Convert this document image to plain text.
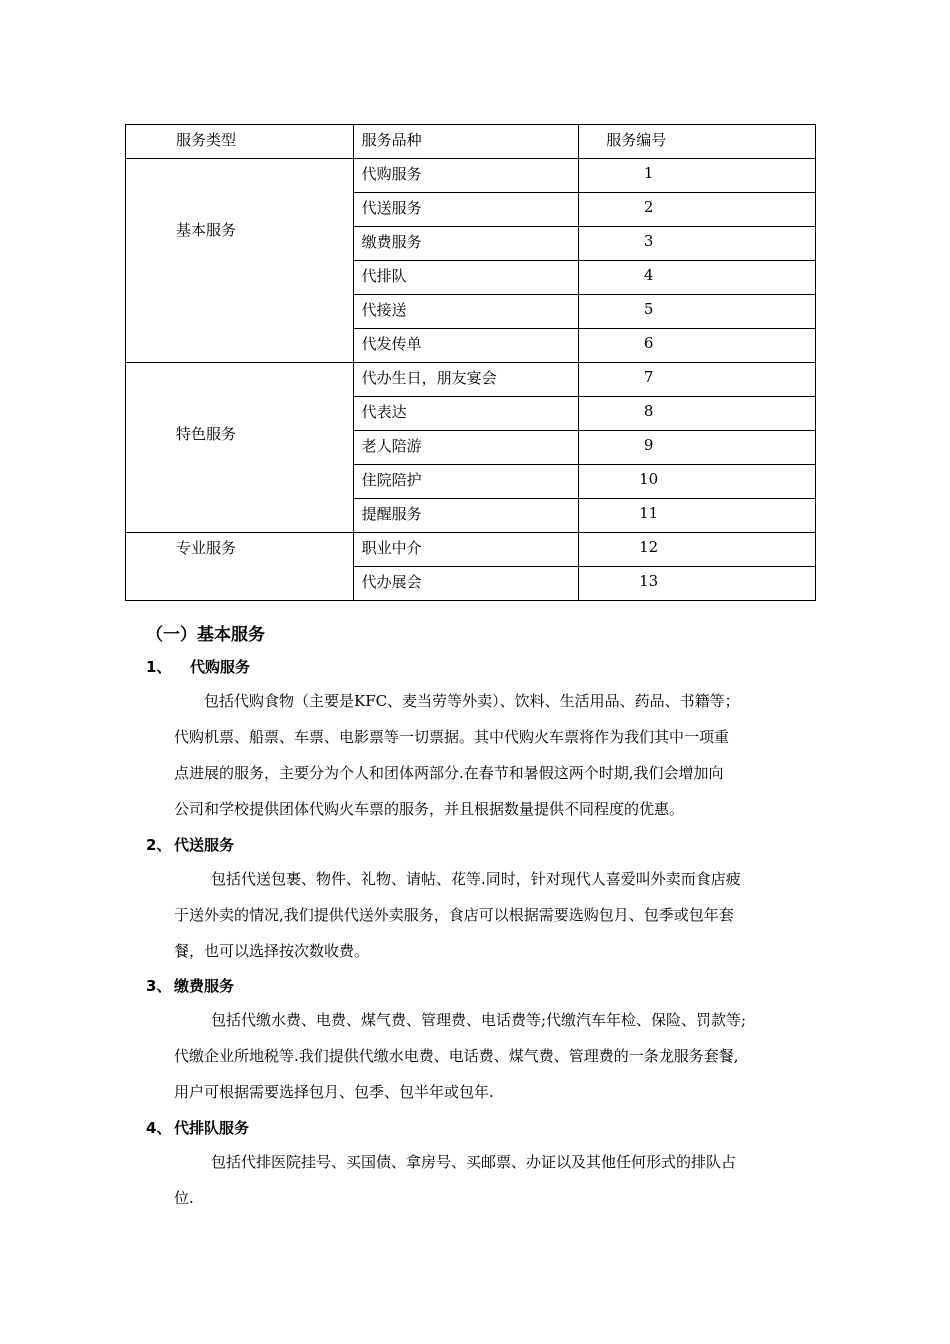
服务类型	服务品种	服务编号

基本服务	代购服务	1

	代送服务	2

	缴费服务	3

	代排队	4

	代接送	5

	代发传单	6

特色服务	代办生日，朋友宴会	7

	代表达	8

	老人陪游	9

	住院陪护	10

	提醒服务	11

专业服务	职业中介	12

	代办展会	13
（一）基本服务
1、 代购服务
包括代购食物（主要是KFC、麦当劳等外卖）、饮料、生活用品、药品、书籍等；
代购机票、船票、车票、电影票等一切票据。其中代购火车票将作为我们其中一项重
点进展的服务，主要分为个人和团体两部分.在春节和暑假这两个时期,我们会增加向
公司和学校提供团体代购火车票的服务，并且根据数量提供不同程度的优惠。
2、 代送服务
包括代送包裹、物件、礼物、请帖、花等.同时，针对现代人喜爱叫外卖而食店疲
于送外卖的情况,我们提供代送外卖服务，食店可以根据需要选购包月、包季或包年套
餐，也可以选择按次数收费。
3、 缴费服务
包括代缴水费、电费、煤气费、管理费、电话费等;代缴汽车年检、保险、罚款等;
代缴企业所地税等.我们提供代缴水电费、电话费、煤气费、管理费的一条龙服务套餐,
用户可根据需要选择包月、包季、包半年或包年.
4、 代排队服务
包括代排医院挂号、买国债、拿房号、买邮票、办证以及其他任何形式的排队占
位.
